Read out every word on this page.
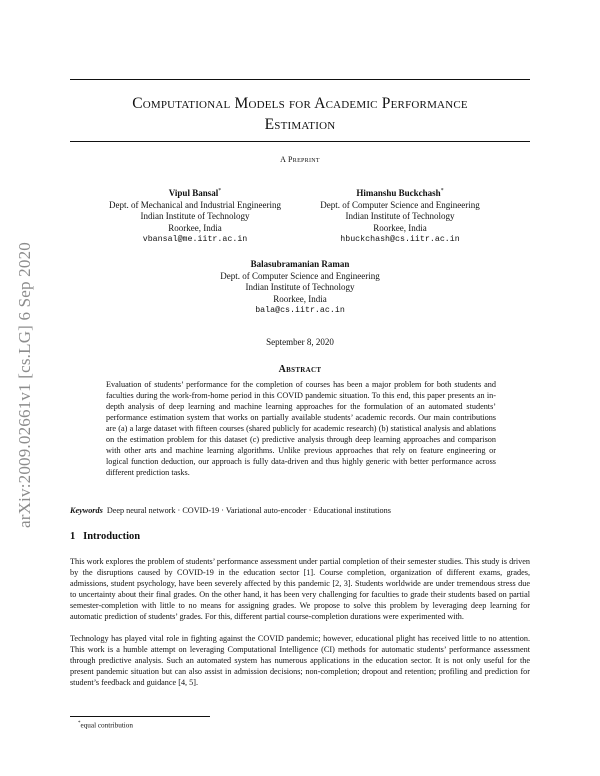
arXiv:2009.02661v1 [cs.LG] 6 Sep 2020
Computational Models for Academic Performance
Estimation
A Preprint
Vipul Bansal*
Dept. of Mechanical and Industrial Engineering
Indian Institute of Technology
Roorkee, India
vbansal@me.iitr.ac.in
Himanshu Buckchash*
Dept. of Computer Science and Engineering
Indian Institute of Technology
Roorkee, India
hbuckchash@cs.iitr.ac.in
Balasubramanian Raman
Dept. of Computer Science and Engineering
Indian Institute of Technology
Roorkee, India
bala@cs.iitr.ac.in
September 8, 2020
Abstract
Evaluation of students’ performance for the completion of courses has been a major problem for both students and faculties during the work-from-home period in this COVID pandemic situation. To this end, this paper presents an in-depth analysis of deep learning and machine learning approaches for the formulation of an automated students’ performance estimation system that works on partially available students’ academic records. Our main contributions are (a) a large dataset with fifteen courses (shared publicly for academic research) (b) statistical analysis and ablations on the estimation problem for this dataset (c) predictive analysis through deep learning approaches and comparison with other arts and machine learning algorithms. Unlike previous approaches that rely on feature engineering or logical function deduction, our approach is fully data-driven and thus highly generic with better performance across different prediction tasks.
Keywords Deep neural network · COVID-19 · Variational auto-encoder · Educational institutions
1 Introduction
This work explores the problem of students’ performance assessment under partial completion of their semester studies. This study is driven by the disruptions caused by COVID-19 in the education sector [1]. Course completion, organization of different exams, grades, admissions, student psychology, have been severely affected by this pandemic [2, 3]. Students worldwide are under tremendous stress due to uncertainty about their final grades. On the other hand, it has been very challenging for faculties to grade their students based on partial semester-completion with little to no means for assigning grades. We propose to solve this problem by leveraging deep learning for automatic prediction of students’ grades. For this, different partial course-completion durations were experimented with.
Technology has played vital role in fighting against the COVID pandemic; however, educational plight has received little to no attention. This work is a humble attempt on leveraging Computational Intelligence (CI) methods for automatic students’ performance assessment through predictive analysis. Such an automated system has numerous applications in the education sector. It is not only useful for the present pandemic situation but can also assist in admission decisions; non-completion; dropout and retention; profiling and prediction for student’s feedback and guidance [4, 5].
*equal contribution
